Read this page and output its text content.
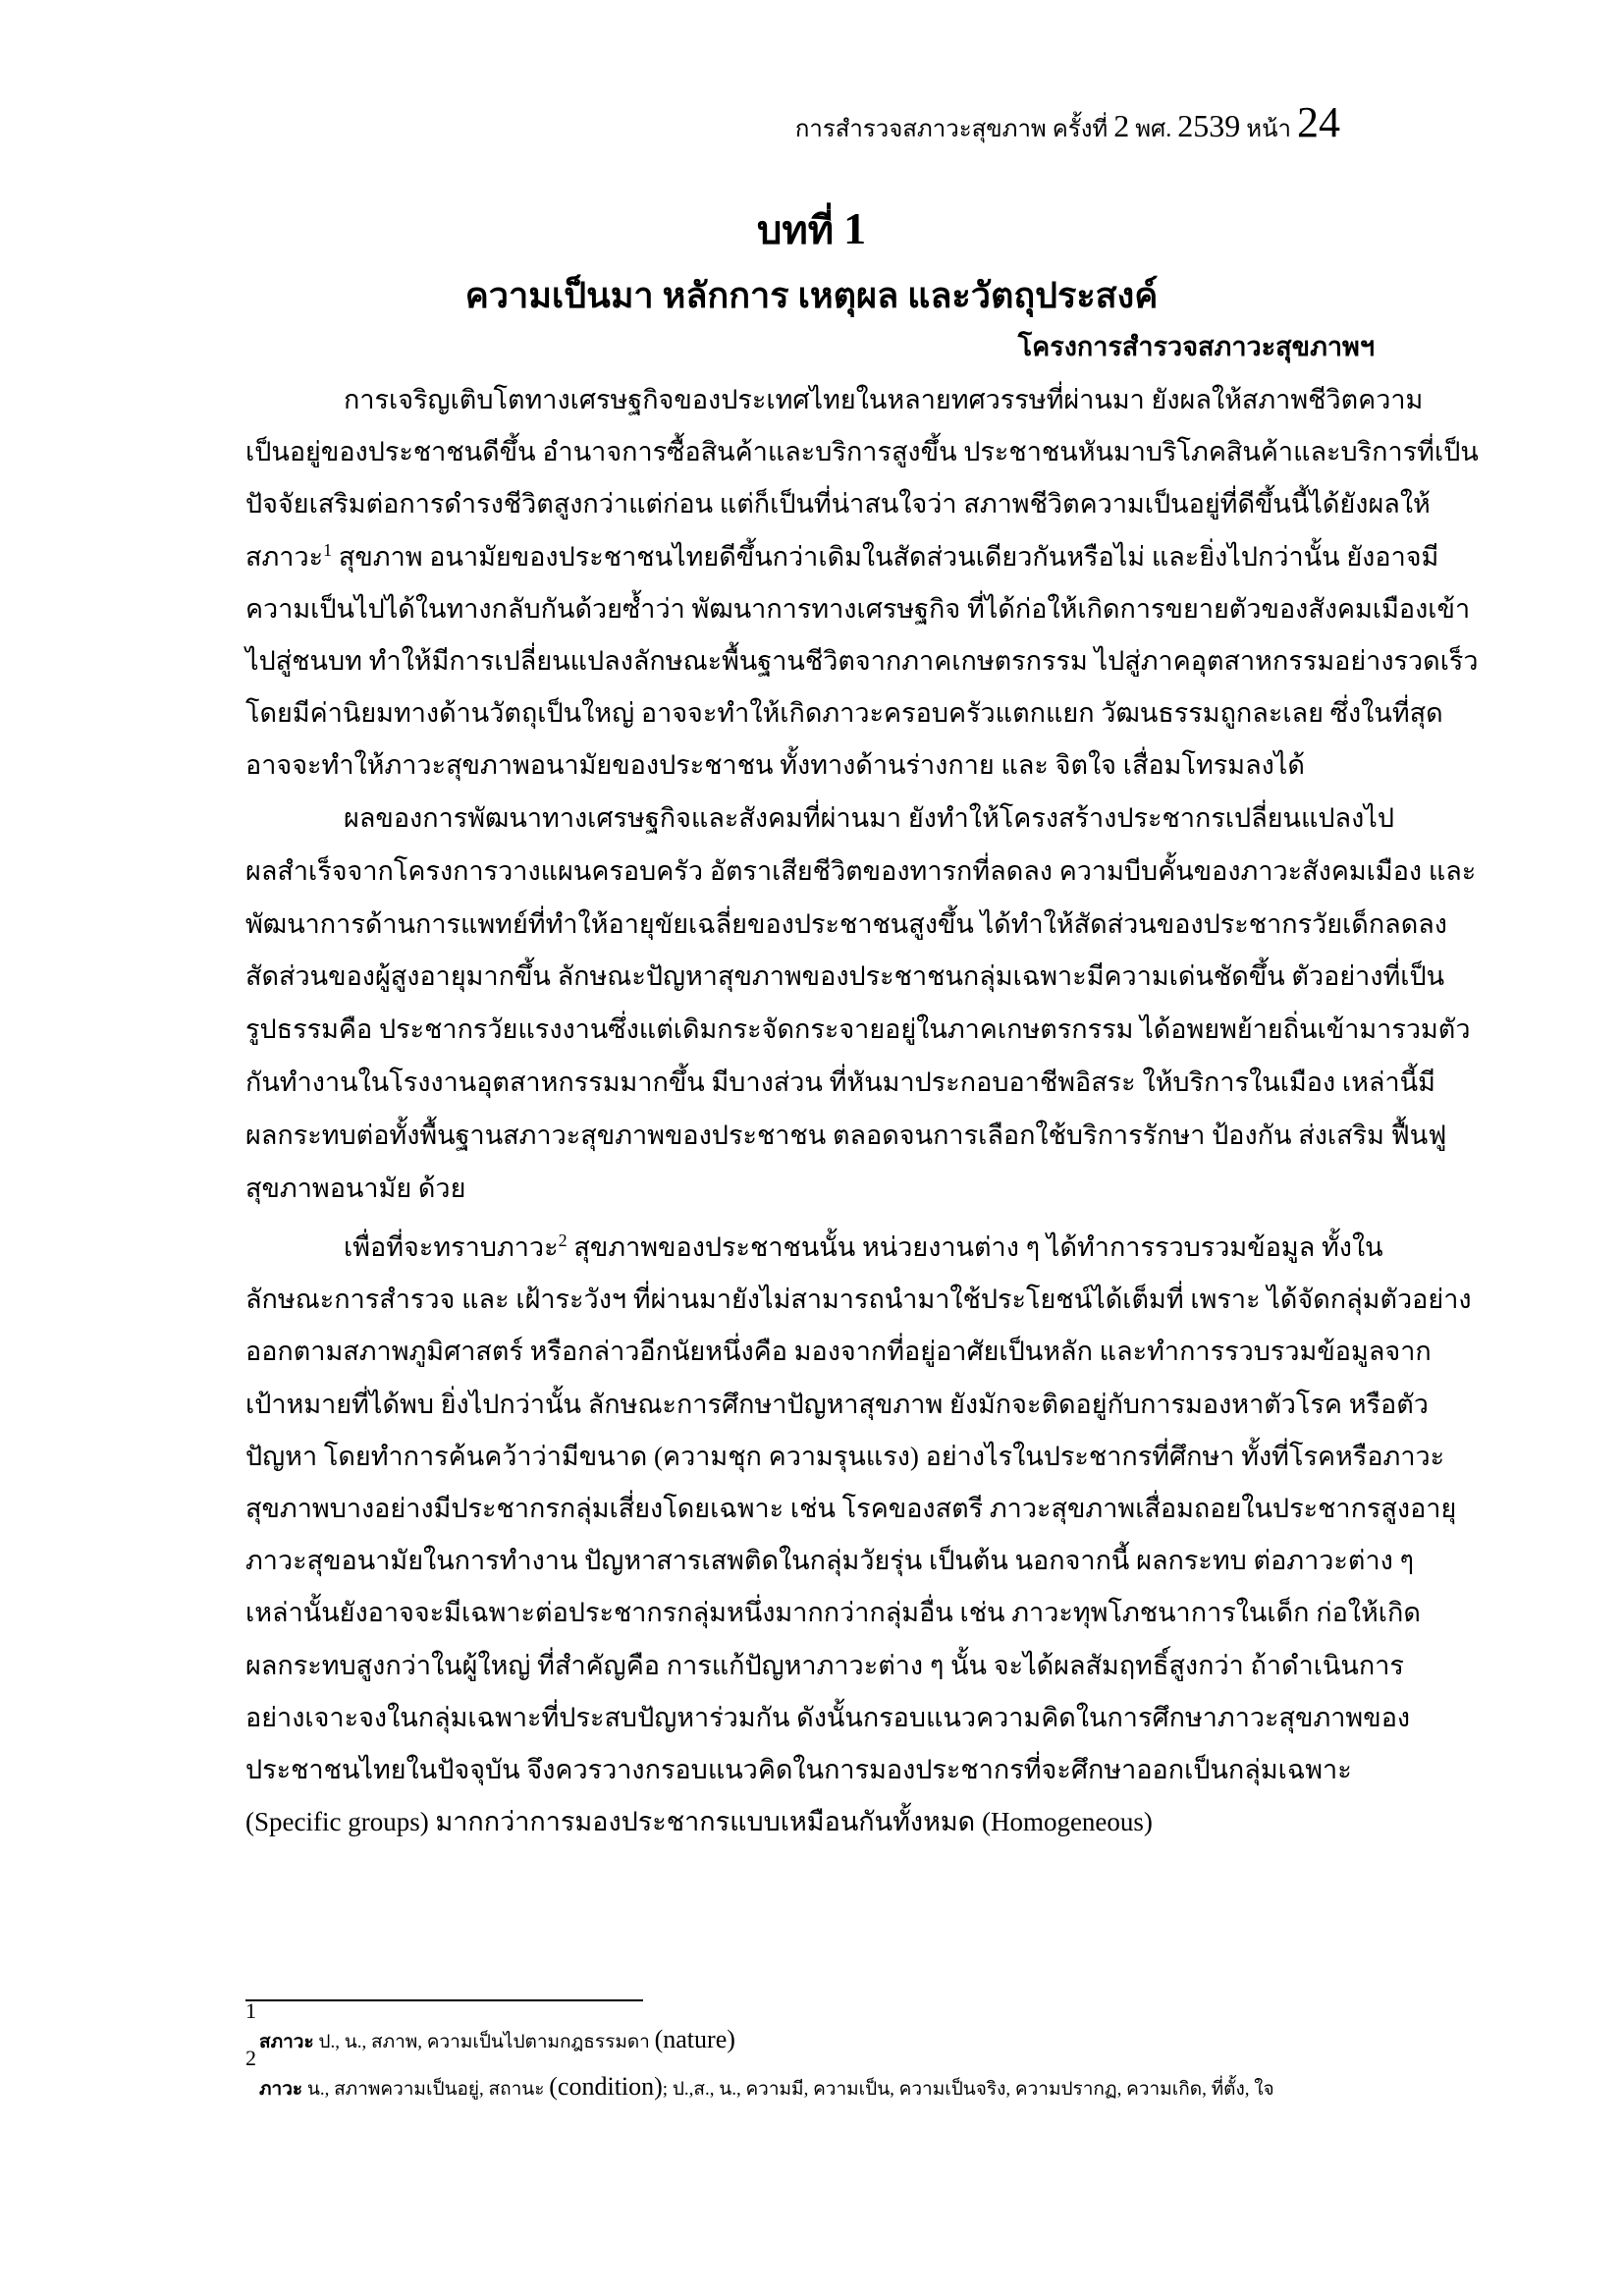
การสำรวจสภาวะสุขภาพ ครั้งที่ 2 พศ. 2539 หน้า 24
บทที่ 1
ความเป็นมา หลักการ เหตุผล และวัตถุประสงค์
โครงการสำรวจสภาวะสุขภาพฯ
การเจริญเติบโตทางเศรษฐกิจของประเทศไทยในหลายทศวรรษที่ผ่านมา ยังผลให้สภาพชีวิตความ
เป็นอยู่ของประชาชนดีขึ้น อำนาจการซื้อสินค้าและบริการสูงขึ้น ประชาชนหันมาบริโภคสินค้าและบริการที่เป็น
ปัจจัยเสริมต่อการดำรงชีวิตสูงกว่าแต่ก่อน แต่ก็เป็นที่น่าสนใจว่า สภาพชีวิตความเป็นอยู่ที่ดีขึ้นนี้ได้ยังผลให้
สภาวะ$^1$ สุขภาพ อนามัยของประชาชนไทยดีขึ้นกว่าเดิมในสัดส่วนเดียวกันหรือไม่ และยิ่งไปกว่านั้น ยังอาจมี
ความเป็นไปได้ในทางกลับกันด้วยซ้ำว่า พัฒนาการทางเศรษฐกิจ ที่ได้ก่อให้เกิดการขยายตัวของสังคมเมืองเข้า
ไปสู่ชนบท ทำให้มีการเปลี่ยนแปลงลักษณะพื้นฐานชีวิตจากภาคเกษตรกรรม ไปสู่ภาคอุตสาหกรรมอย่างรวดเร็ว
โดยมีค่านิยมทางด้านวัตถุเป็นใหญ่ อาจจะทำให้เกิดภาวะครอบครัวแตกแยก วัฒนธรรมถูกละเลย ซึ่งในที่สุด
อาจจะทำให้ภาวะสุขภาพอนามัยของประชาชน ทั้งทางด้านร่างกาย และ จิตใจ เสื่อมโทรมลงได้
ผลของการพัฒนาทางเศรษฐกิจและสังคมที่ผ่านมา ยังทำให้โครงสร้างประชากรเปลี่ยนแปลงไป
ผลสำเร็จจากโครงการวางแผนครอบครัว อัตราเสียชีวิตของทารกที่ลดลง ความบีบคั้นของภาวะสังคมเมือง และ
พัฒนาการด้านการแพทย์ที่ทำให้อายุขัยเฉลี่ยของประชาชนสูงขึ้น ได้ทำให้สัดส่วนของประชากรวัยเด็กลดลง
สัดส่วนของผู้สูงอายุมากขึ้น ลักษณะปัญหาสุขภาพของประชาชนกลุ่มเฉพาะมีความเด่นชัดขึ้น ตัวอย่างที่เป็น
รูปธรรมคือ ประชากรวัยแรงงานซึ่งแต่เดิมกระจัดกระจายอยู่ในภาคเกษตรกรรม ได้อพยพย้ายถิ่นเข้ามารวมตัว
กันทำงานในโรงงานอุตสาหกรรมมากขึ้น มีบางส่วน ที่หันมาประกอบอาชีพอิสระ ให้บริการในเมือง เหล่านี้มี
ผลกระทบต่อทั้งพื้นฐานสภาวะสุขภาพของประชาชน ตลอดจนการเลือกใช้บริการรักษา ป้องกัน ส่งเสริม ฟื้นฟู
สุขภาพอนามัย ด้วย
เพื่อที่จะทราบภาวะ$^2$ สุขภาพของประชาชนนั้น หน่วยงานต่าง ๆ ได้ทำการรวบรวมข้อมูล ทั้งใน
ลักษณะการสำรวจ และ เฝ้าระวังฯ ที่ผ่านมายังไม่สามารถนำมาใช้ประโยชน์ได้เต็มที่ เพราะ ได้จัดกลุ่มตัวอย่าง
ออกตามสภาพภูมิศาสตร์ หรือกล่าวอีกนัยหนึ่งคือ มองจากที่อยู่อาศัยเป็นหลัก และทำการรวบรวมข้อมูลจาก
เป้าหมายที่ได้พบ ยิ่งไปกว่านั้น ลักษณะการศึกษาปัญหาสุขภาพ ยังมักจะติดอยู่กับการมองหาตัวโรค หรือตัว
ปัญหา โดยทำการค้นคว้าว่ามีขนาด (ความชุก ความรุนแรง) อย่างไรในประชากรที่ศึกษา ทั้งที่โรคหรือภาวะ
สุขภาพบางอย่างมีประชากรกลุ่มเสี่ยงโดยเฉพาะ เช่น โรคของสตรี ภาวะสุขภาพเสื่อมถอยในประชากรสูงอายุ
ภาวะสุขอนามัยในการทำงาน ปัญหาสารเสพติดในกลุ่มวัยรุ่น เป็นต้น นอกจากนี้ ผลกระทบ ต่อภาวะต่าง ๆ
เหล่านั้นยังอาจจะมีเฉพาะต่อประชากรกลุ่มหนึ่งมากกว่ากลุ่มอื่น เช่น ภาวะทุพโภชนาการในเด็ก ก่อให้เกิด
ผลกระทบสูงกว่าในผู้ใหญ่ ที่สำคัญคือ การแก้ปัญหาภาวะต่าง ๆ นั้น จะได้ผลสัมฤทธิ์สูงกว่า ถ้าดำเนินการ
อย่างเจาะจงในกลุ่มเฉพาะที่ประสบปัญหาร่วมกัน ดังนั้นกรอบแนวความคิดในการศึกษาภาวะสุขภาพของ
ประชาชนไทยในปัจจุบัน จึงควรวางกรอบแนวคิดในการมองประชากรที่จะศึกษาออกเป็นกลุ่มเฉพาะ
(Specific groups) มากกว่าการมองประชากรแบบเหมือนกันทั้งหมด (Homogeneous)
1
สภาวะ ป., น., สภาพ, ความเป็นไปตามกฎธรรมดา (nature)
2
ภาวะ น., สภาพความเป็นอยู่, สถานะ (condition); ป.,ส., น., ความมี, ความเป็น, ความเป็นจริง, ความปรากฏ, ความเกิด, ที่ตั้ง, ใจ
